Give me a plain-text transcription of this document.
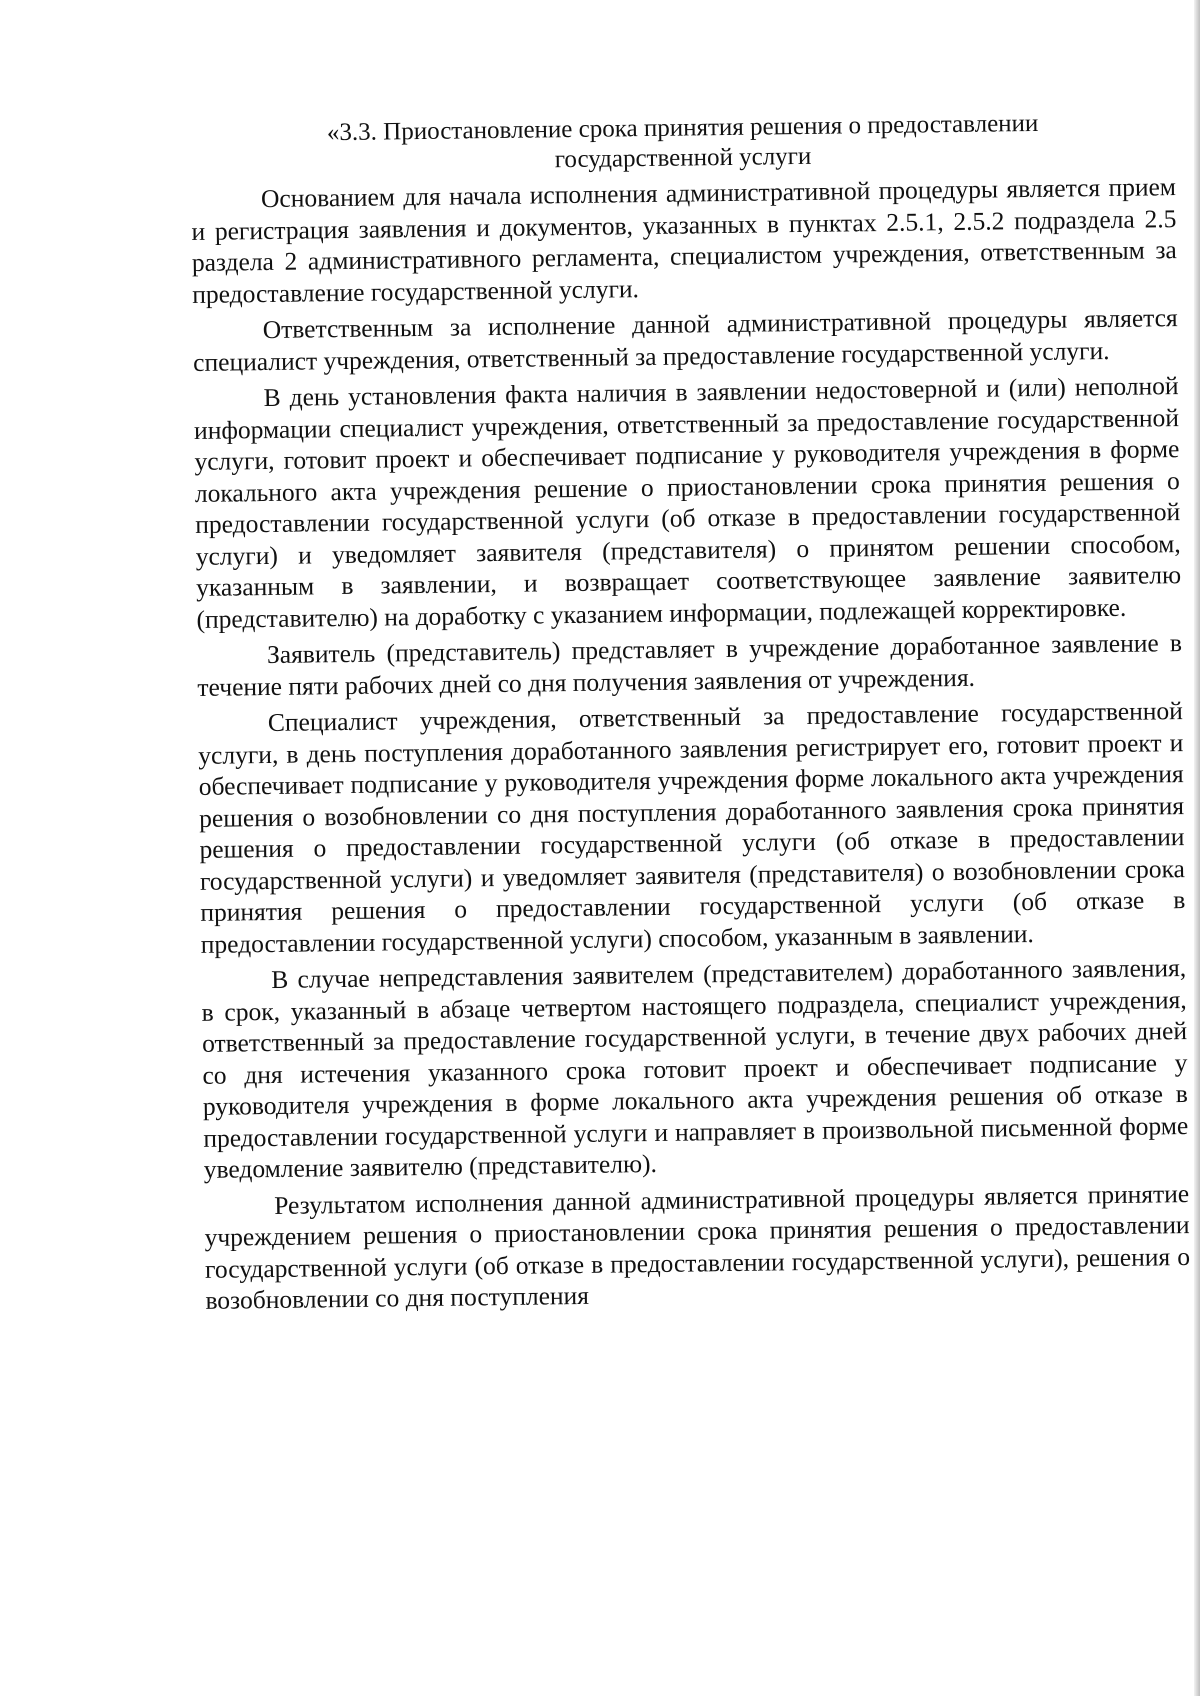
«3.3. Приостановление срока принятия решения о предоставлении
государственной услуги

Основанием для начала исполнения административной процедуры является прием и регистрация заявления и документов, указанных в пунктах 2.5.1, 2.5.2 подраздела 2.5 раздела 2 административного регламента, специалистом учреждения, ответственным за предоставление государственной услуги.

Ответственным за исполнение данной административной процедуры является специалист учреждения, ответственный за предоставление государственной услуги.

В день установления факта наличия в заявлении недостоверной и (или) неполной информации специалист учреждения, ответственный за предоставление государственной услуги, готовит проект и обеспечивает подписание у руководителя учреждения в форме локального акта учреждения решение о приостановлении срока принятия решения о предоставлении государственной услуги (об отказе в предоставлении государственной услуги) и уведомляет заявителя (представителя) о принятом решении способом, указанным в заявлении, и возвращает соответствующее заявление заявителю (представителю) на доработку с указанием информации, подлежащей корректировке.

Заявитель (представитель) представляет в учреждение доработанное заявление в течение пяти рабочих дней со дня получения заявления от учреждения.

Специалист учреждения, ответственный за предоставление государственной услуги, в день поступления доработанного заявления регистрирует его, готовит проект и обеспечивает подписание у руководителя учреждения форме локального акта учреждения решения о возобновлении со дня поступления доработанного заявления срока принятия решения о предоставлении государственной услуги (об отказе в предоставлении государственной услуги) и уведомляет заявителя (представителя) о возобновлении срока принятия решения о предоставлении государственной услуги (об отказе в предоставлении государственной услуги) способом, указанным в заявлении.

В случае непредставления заявителем (представителем) доработанного заявления, в срок, указанный в абзаце четвертом настоящего подраздела, специалист учреждения, ответственный за предоставление государственной услуги, в течение двух рабочих дней со дня истечения указанного срока готовит проект и обеспечивает подписание у руководителя учреждения в форме локального акта учреждения решения об отказе в предоставлении государственной услуги и направляет в произвольной письменной форме уведомление заявителю (представителю).

Результатом исполнения данной административной процедуры является принятие учреждением решения о приостановлении срока принятия решения о предоставлении государственной услуги (об отказе в предоставлении государственной услуги), решения о возобновлении со дня поступления
